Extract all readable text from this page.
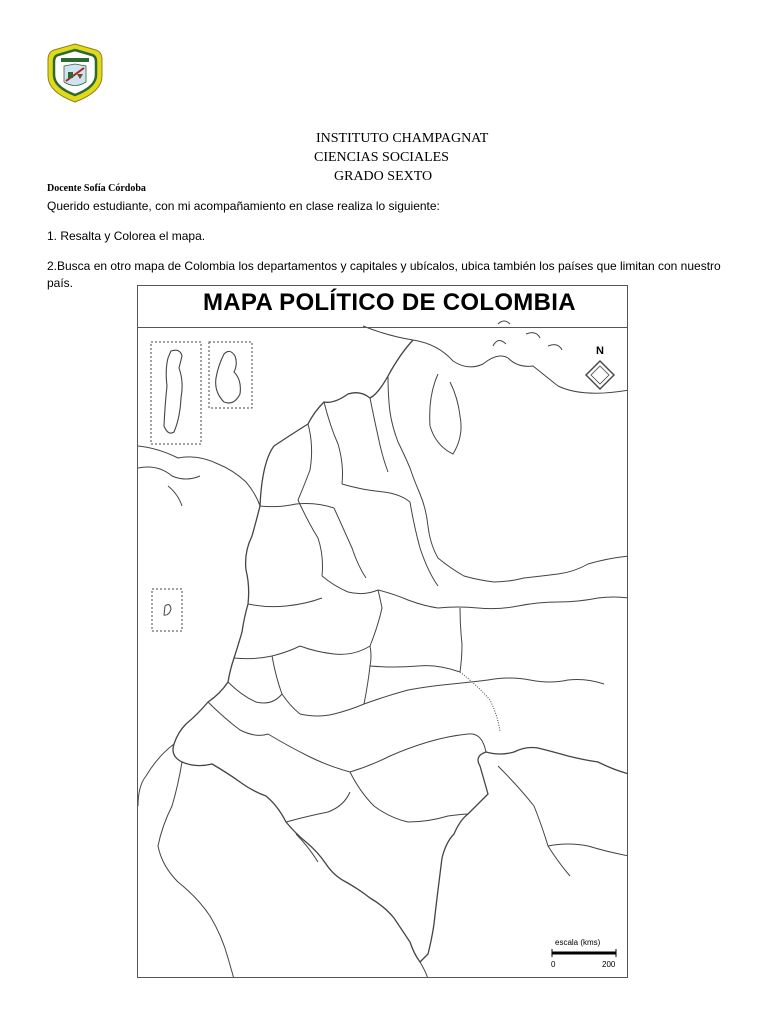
INSTITUTO CHAMPAGNAT
CIENCIAS SOCIALES
GRADO SEXTO
Docente Sofía Córdoba
Querido estudiante, con mi acompañamiento en clase realiza lo siguiente:
1. Resalta y Colorea el mapa.
2.Busca en otro mapa de Colombia los departamentos y capitales y ubícalos, ubica también los países que limitan con nuestro país.
MAPA POLÍTICO DE COLOMBIA
N
escala (kms)
0	200
